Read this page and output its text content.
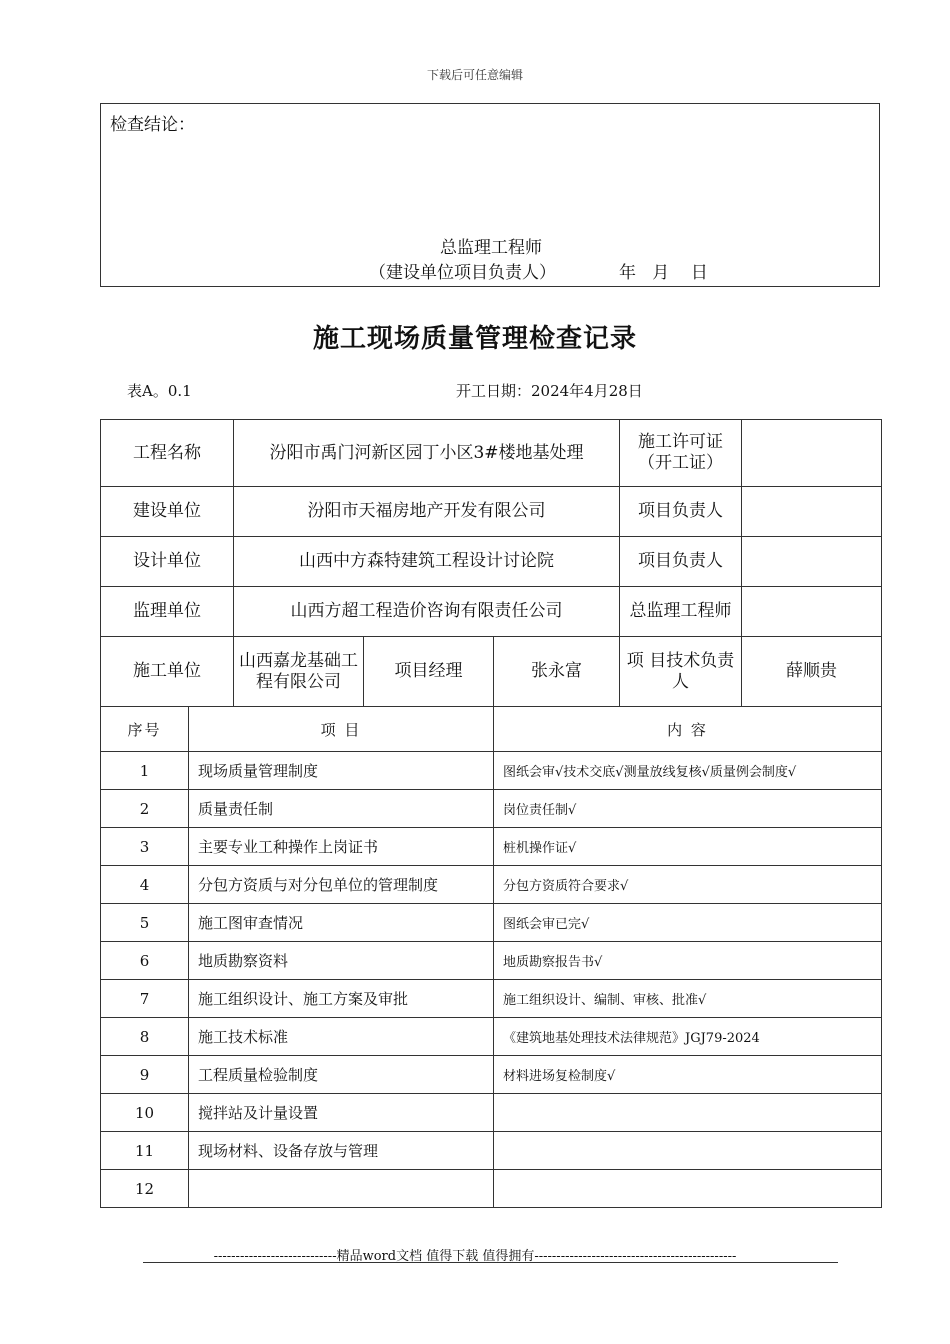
下载后可任意编辑
检查结论：
总监理工程师
（建设单位项目负责人）	年   月    日
施工现场质量管理检查记录
表A。0.1	开工日期：2024年4月28日
工程名称	汾阳市禹门河新区园丁小区3#楼地基处理			施工许可证（开工证）	
建设单位	汾阳市天福房地产开发有限公司			项目负责人	
设计单位	山西中方森特建筑工程设计讨论院			项目负责人	
监理单位	山西方超工程造价咨询有限责任公司			总监理工程师	
施工单位	山西嘉龙基础工程有限公司	项目经理	张永富	项 目技术负责人	薛顺贵
序号	项 目	内 容
1	现场质量管理制度	图纸会审√技术交底√测量放线复核√质量例会制度√
2	质量责任制	岗位责任制√
3	主要专业工种操作上岗证书	桩机操作证√
4	分包方资质与对分包单位的管理制度	分包方资质符合要求√
5	施工图审查情况	图纸会审已完√
6	地质勘察资料	地质勘察报告书√
7	施工组织设计、施工方案及审批	施工组织设计、编制、审核、批准√
8	施工技术标准	《建筑地基处理技术法律规范》JGJ79-2024
9	工程质量检验制度	材料进场复检制度√
10	搅拌站及计量设置	
11	现场材料、设备存放与管理	
12		
----------------------------精品word文档 值得下载 值得拥有----------------------------------------------
